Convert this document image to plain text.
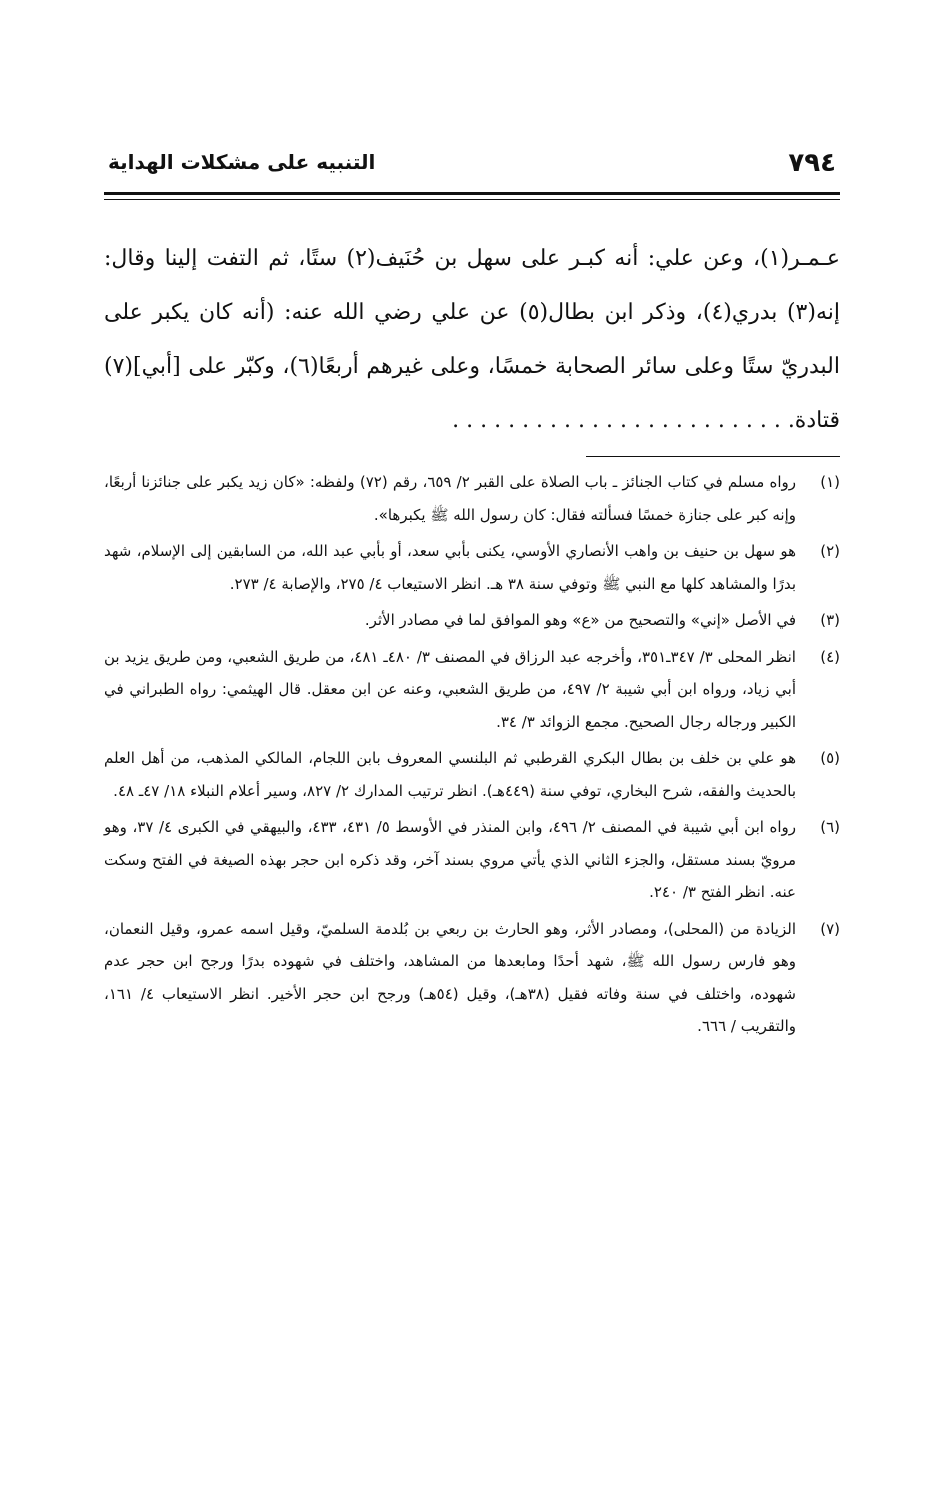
٧٩٤
التنبيه على مشكلات الهداية

عـمـر(١)، وعن علي: أنه كبـر على سهل بن حُنَيف(٢) ستًا، ثم التفت إلينا وقال: إنه(٣) بدري(٤)، وذكر ابن بطال(٥) عن علي رضي الله عنه: (أنه كان يكبر على البدريّ ستًا وعلى سائر الصحابة خمسًا، وعلى غيرهم أربعًا(٦)، وكبّر على [أبي](٧) قتادة. . . . . . . . . . . . . . . . . . . . . . . . .

(١)
رواه مسلم في كتاب الجنائز ـ باب الصلاة على القبر ٢/ ٦٥٩، رقم (٧٢) ولفظه: «كان زيد يكبر على جنائزنا أربعًا، وإنه كبر على جنازة خمسًا فسألته فقال: كان رسول الله ﷺ يكبرها».
(٢)
هو سهل بن حنيف بن واهب الأنصاري الأوسي، يكنى بأبي سعد، أو بأبي عبد الله، من السابقين إلى الإسلام، شهد بدرًا والمشاهد كلها مع النبي ﷺ وتوفي سنة ٣٨ هـ. انظر الاستيعاب ٤/ ٢٧٥، والإصابة ٤/ ٢٧٣.
(٣)
في الأصل «إني» والتصحيح من «ع» وهو الموافق لما في مصادر الأثر.
(٤)
انظر المحلى ٣/ ٣٤٧ـ٣٥١، وأخرجه عبد الرزاق في المصنف ٣/ ٤٨٠ـ ٤٨١، من طريق الشعبي، ومن طريق يزيد بن أبي زياد، ورواه ابن أبي شيبة ٢/ ٤٩٧، من طريق الشعبي، وعنه عن ابن معقل. قال الهيثمي: رواه الطبراني في الكبير ورجاله رجال الصحيح. مجمع الزوائد ٣/ ٣٤.
(٥)
هو علي بن خلف بن بطال البكري القرطبي ثم البلنسي المعروف بابن اللجام، المالكي المذهب، من أهل العلم بالحديث والفقه، شرح البخاري، توفي سنة (٤٤٩هـ). انظر ترتيب المدارك ٢/ ٨٢٧، وسير أعلام النبلاء ١٨/ ٤٧ـ ٤٨.
(٦)
رواه ابن أبي شيبة في المصنف ٢/ ٤٩٦، وابن المنذر في الأوسط ٥/ ٤٣١، ٤٣٣، والبيهقي في الكبرى ٤/ ٣٧، وهو مرويّ بسند مستقل، والجزء الثاني الذي يأتي مروي بسند آخر، وقد ذكره ابن حجر بهذه الصيغة في الفتح وسكت عنه. انظر الفتح ٣/ ٢٤٠.
(٧)
الزيادة من (المحلى)، ومصادر الأثر، وهو الحارث بن ربعي بن بُلدمة السلميّ، وقيل اسمه عمرو، وقيل النعمان، وهو فارس رسول الله ﷺ، شهد أحدًا ومابعدها من المشاهد، واختلف في شهوده بدرًا ورجح ابن حجر عدم شهوده، واختلف في سنة وفاته فقيل (٣٨هـ)، وقيل (٥٤هـ) ورجح ابن حجر الأخير. انظر الاستيعاب ٤/ ١٦١، والتقريب / ٦٦٦.
